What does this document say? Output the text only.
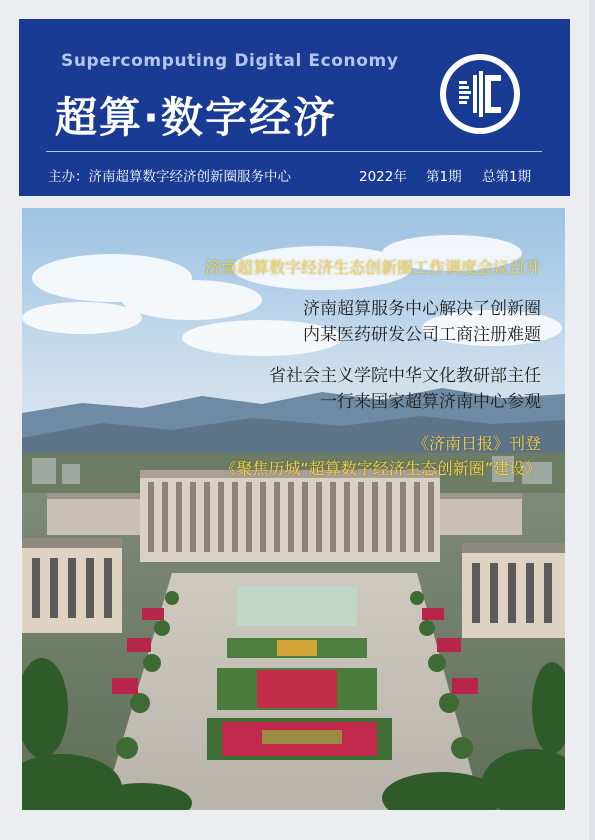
Supercomputing Digital Economy
超算·数字经济
主办：济南超算数字经济创新圈服务中心	2022年 第1期 总第1期
济南超算数字经济生态创新圈工作调度会议召开
济南超算服务中心解决了创新圈
内某医药研发公司工商注册难题
省社会主义学院中华文化教研部主任
一行来国家超算济南中心参观
《济南日报》刊登
《聚焦历城“超算数字经济生态创新圈”建设》
